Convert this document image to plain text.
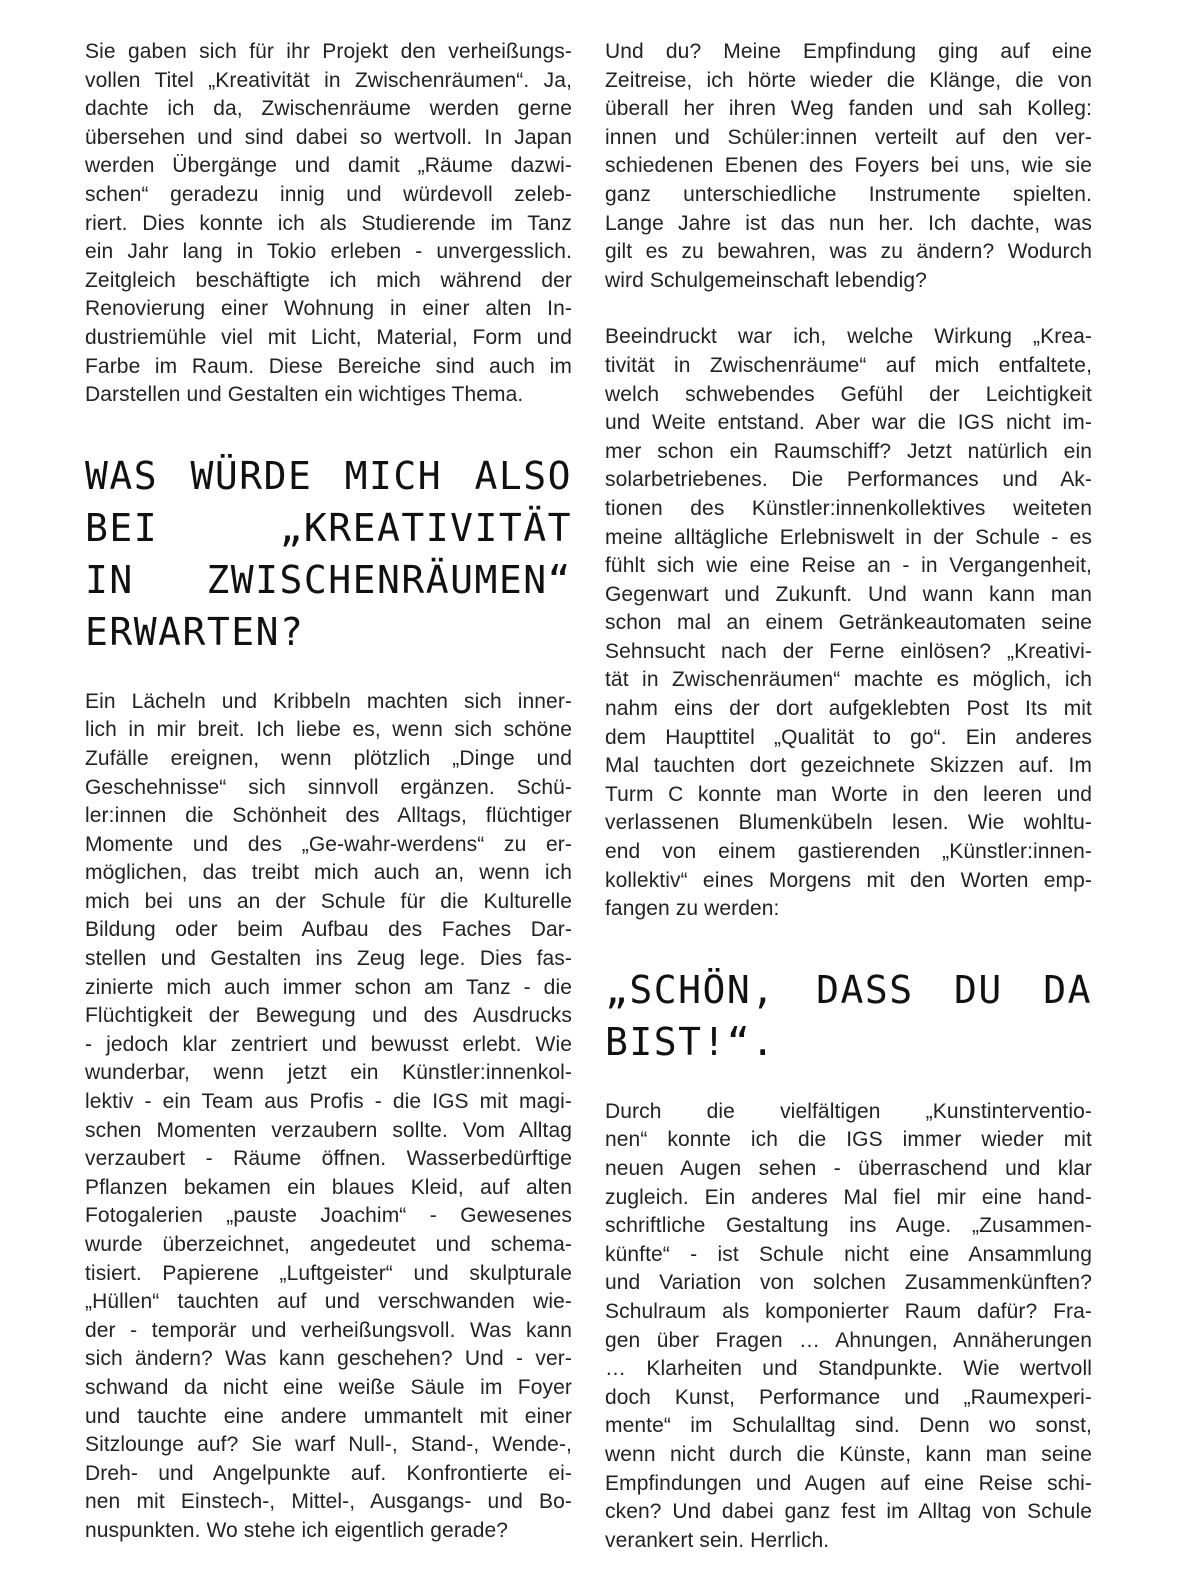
Sie gaben sich für ihr Projekt den verheißungs-
vollen Titel „Kreativität in Zwischenräumen“. Ja,
dachte ich da, Zwischenräume werden gerne
übersehen und sind dabei so wertvoll. In Japan
werden Übergänge und damit „Räume dazwi-
schen“ geradezu innig und würdevoll zeleb-
riert. Dies konnte ich als Studierende im Tanz
ein Jahr lang in Tokio erleben - unvergesslich.
Zeitgleich beschäftigte ich mich während der
Renovierung einer Wohnung in einer alten In-
dustriemühle viel mit Licht, Material, Form und
Farbe im Raum. Diese Bereiche sind auch im
Darstellen und Gestalten ein wichtiges Thema.

WAS WÜRDE MICH ALSO
BEI „KREATIVITÄT
IN ZWISCHENRÄUMEN“
ERWARTEN?

Ein Lächeln und Kribbeln machten sich inner-
lich in mir breit. Ich liebe es, wenn sich schöne
Zufälle ereignen, wenn plötzlich „Dinge und
Geschehnisse“ sich sinnvoll ergänzen. Schü-
ler:innen die Schönheit des Alltags, flüchtiger
Momente und des „Ge-wahr-werdens“ zu er-
möglichen, das treibt mich auch an, wenn ich
mich bei uns an der Schule für die Kulturelle
Bildung oder beim Aufbau des Faches Dar-
stellen und Gestalten ins Zeug lege. Dies fas-
zinierte mich auch immer schon am Tanz - die
Flüchtigkeit der Bewegung und des Ausdrucks
- jedoch klar zentriert und bewusst erlebt. Wie
wunderbar, wenn jetzt ein Künstler:innenkol-
lektiv - ein Team aus Profis - die IGS mit magi-
schen Momenten verzaubern sollte. Vom Alltag
verzaubert - Räume öffnen. Wasserbedürftige
Pflanzen bekamen ein blaues Kleid, auf alten
Fotogalerien „pauste Joachim“ - Gewesenes
wurde überzeichnet, angedeutet und schema-
tisiert. Papierene „Luftgeister“ und skulpturale
„Hüllen“ tauchten auf und verschwanden wie-
der - temporär und verheißungsvoll. Was kann
sich ändern? Was kann geschehen? Und - ver-
schwand da nicht eine weiße Säule im Foyer
und tauchte eine andere ummantelt mit einer
Sitzlounge auf? Sie warf Null-, Stand-, Wende-,
Dreh- und Angelpunkte auf. Konfrontierte ei-
nen mit Einstech-, Mittel-, Ausgangs- und Bo-
nuspunkten. Wo stehe ich eigentlich gerade?

Und du? Meine Empfindung ging auf eine
Zeitreise, ich hörte wieder die Klänge, die von
überall her ihren Weg fanden und sah Kolleg:
innen und Schüler:innen verteilt auf den ver-
schiedenen Ebenen des Foyers bei uns, wie sie
ganz unterschiedliche Instrumente spielten.
Lange Jahre ist das nun her. Ich dachte, was
gilt es zu bewahren, was zu ändern? Wodurch
wird Schulgemeinschaft lebendig?

Beeindruckt war ich, welche Wirkung „Krea-
tivität in Zwischenräume“ auf mich entfaltete,
welch schwebendes Gefühl der Leichtigkeit
und Weite entstand. Aber war die IGS nicht im-
mer schon ein Raumschiff? Jetzt natürlich ein
solarbetriebenes. Die Performances und Ak-
tionen des Künstler:innenkollektives weiteten
meine alltägliche Erlebniswelt in der Schule - es
fühlt sich wie eine Reise an - in Vergangenheit,
Gegenwart und Zukunft. Und wann kann man
schon mal an einem Getränkeautomaten seine
Sehnsucht nach der Ferne einlösen? „Kreativi-
tät in Zwischenräumen“ machte es möglich, ich
nahm eins der dort aufgeklebten Post Its mit
dem Haupttitel „Qualität to go“. Ein anderes
Mal tauchten dort gezeichnete Skizzen auf. Im
Turm C konnte man Worte in den leeren und
verlassenen Blumenkübeln lesen. Wie wohltu-
end von einem gastierenden „Künstler:innen-
kollektiv“ eines Morgens mit den Worten emp-
fangen zu werden:

„SCHÖN, DASS DU DA
BIST!“.

Durch die vielfältigen „Kunstinterventio-
nen“ konnte ich die IGS immer wieder mit
neuen Augen sehen - überraschend und klar
zugleich. Ein anderes Mal fiel mir eine hand-
schriftliche Gestaltung ins Auge. „Zusammen-
künfte“ - ist Schule nicht eine Ansammlung
und Variation von solchen Zusammenkünften?
Schulraum als komponierter Raum dafür? Fra-
gen über Fragen … Ahnungen, Annäherungen
… Klarheiten und Standpunkte. Wie wertvoll
doch Kunst, Performance und „Raumexperi-
mente“ im Schulalltag sind. Denn wo sonst,
wenn nicht durch die Künste, kann man seine
Empfindungen und Augen auf eine Reise schi-
cken? Und dabei ganz fest im Alltag von Schule
verankert sein. Herrlich.
